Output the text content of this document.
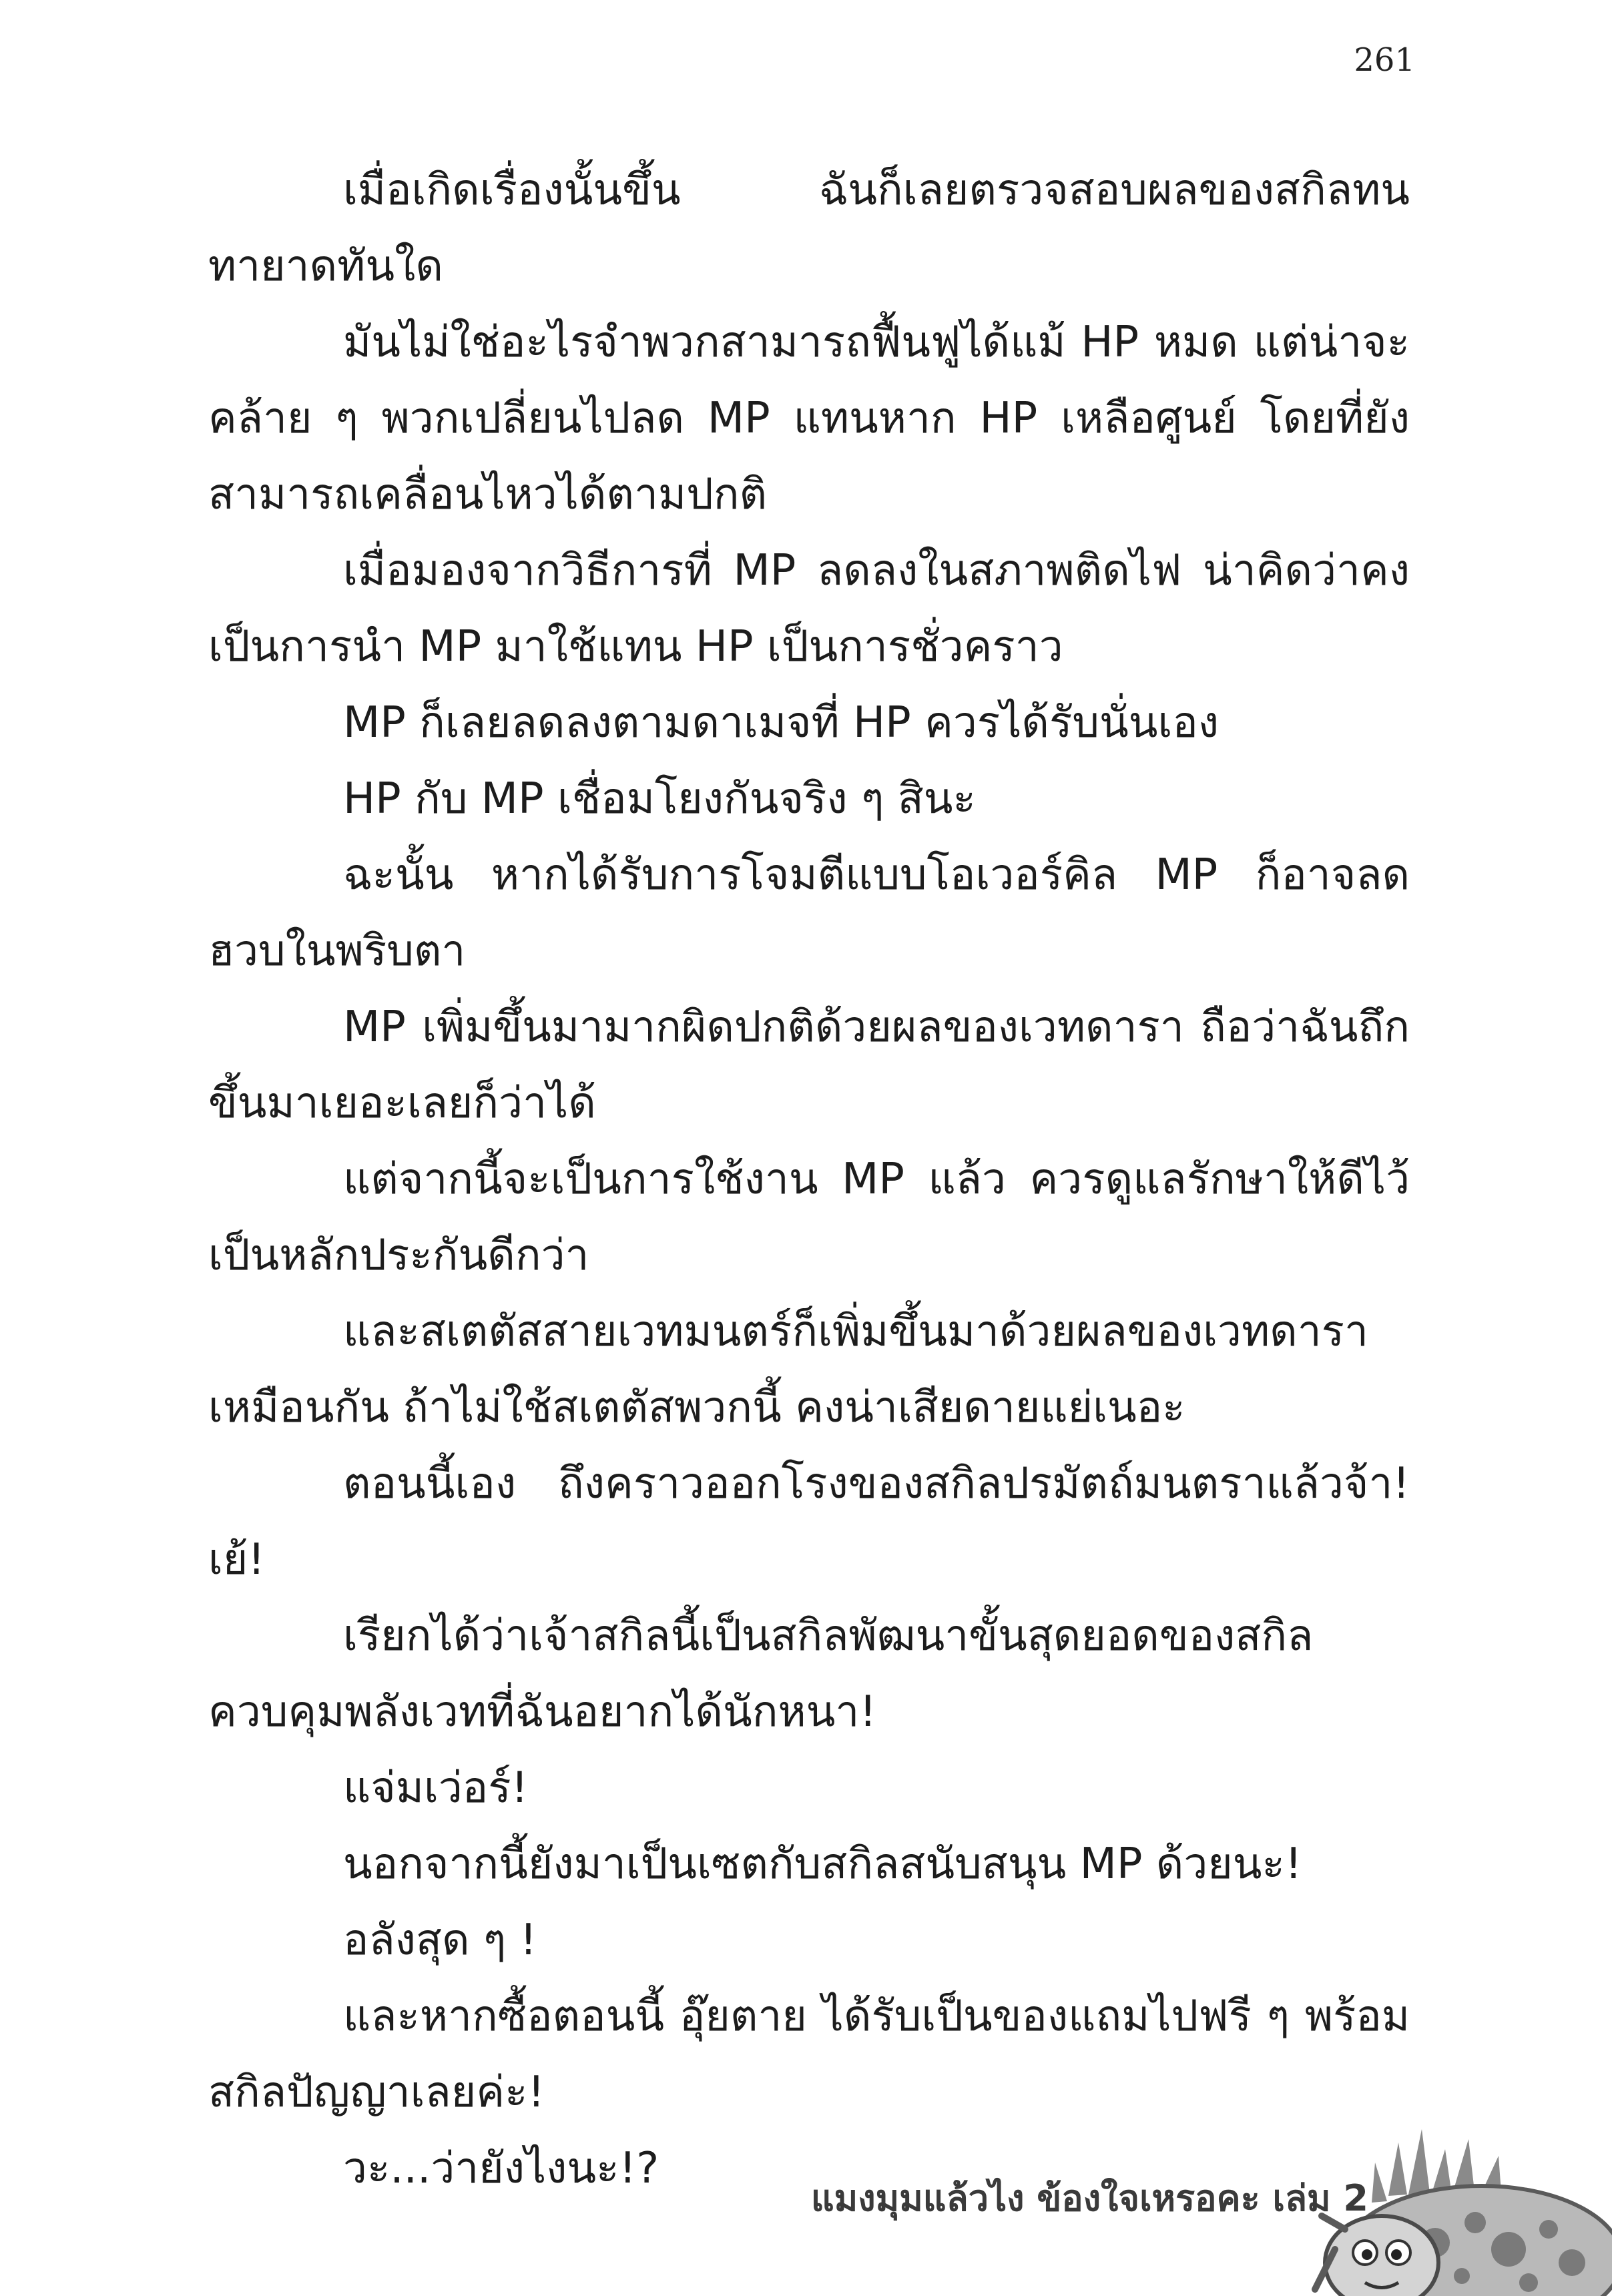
261

เมื่อเกิดเรื่องนั้นขึ้น ฉันก็เลยตรวจสอบผลของสกิลทนทายาดทันใด

มันไม่ใช่อะไรจำพวกสามารถฟื้นฟูได้แม้ HP หมด แต่น่าจะคล้าย ๆ พวกเปลี่ยนไปลด MP แทนหาก HP เหลือศูนย์ โดยที่ยังสามารถเคลื่อนไหวได้ตามปกติ

เมื่อมองจากวิธีการที่ MP ลดลงในสภาพติดไฟ น่าคิดว่าคงเป็นการนำ MP มาใช้แทน HP เป็นการชั่วคราว

MP ก็เลยลดลงตามดาเมจที่ HP ควรได้รับนั่นเอง

HP กับ MP เชื่อมโยงกันจริง ๆ สินะ

ฉะนั้น หากได้รับการโจมตีแบบโอเวอร์คิล MP ก็อาจลดฮวบในพริบตา

MP เพิ่มขึ้นมามากผิดปกติด้วยผลของเวทดารา ถือว่าฉันถึกขึ้นมาเยอะเลยก็ว่าได้

แต่จากนี้จะเป็นการใช้งาน MP แล้ว ควรดูแลรักษาให้ดีไว้เป็นหลักประกันดีกว่า

และสเตตัสสายเวทมนตร์ก็เพิ่มขึ้นมาด้วยผลของเวทดาราเหมือนกัน ถ้าไม่ใช้สเตตัสพวกนี้ คงน่าเสียดายแย่เนอะ

ตอนนี้เอง ถึงคราวออกโรงของสกิลปรมัตถ์มนตราแล้วจ้า! เย้!

เรียกได้ว่าเจ้าสกิลนี้เป็นสกิลพัฒนาขั้นสุดยอดของสกิลควบคุมพลังเวทที่ฉันอยากได้นักหนา!

แจ่มเว่อร์!

นอกจากนี้ยังมาเป็นเซตกับสกิลสนับสนุน MP ด้วยนะ!

อลังสุด ๆ !

และหากซื้อตอนนี้ อุ๊ยตาย ได้รับเป็นของแถมไปฟรี ๆ พร้อมสกิลปัญญาเลยค่ะ!

วะ...ว่ายังไงนะ!?

แมงมุมแล้วไง ข้องใจเหรอคะ เล่ม 2
